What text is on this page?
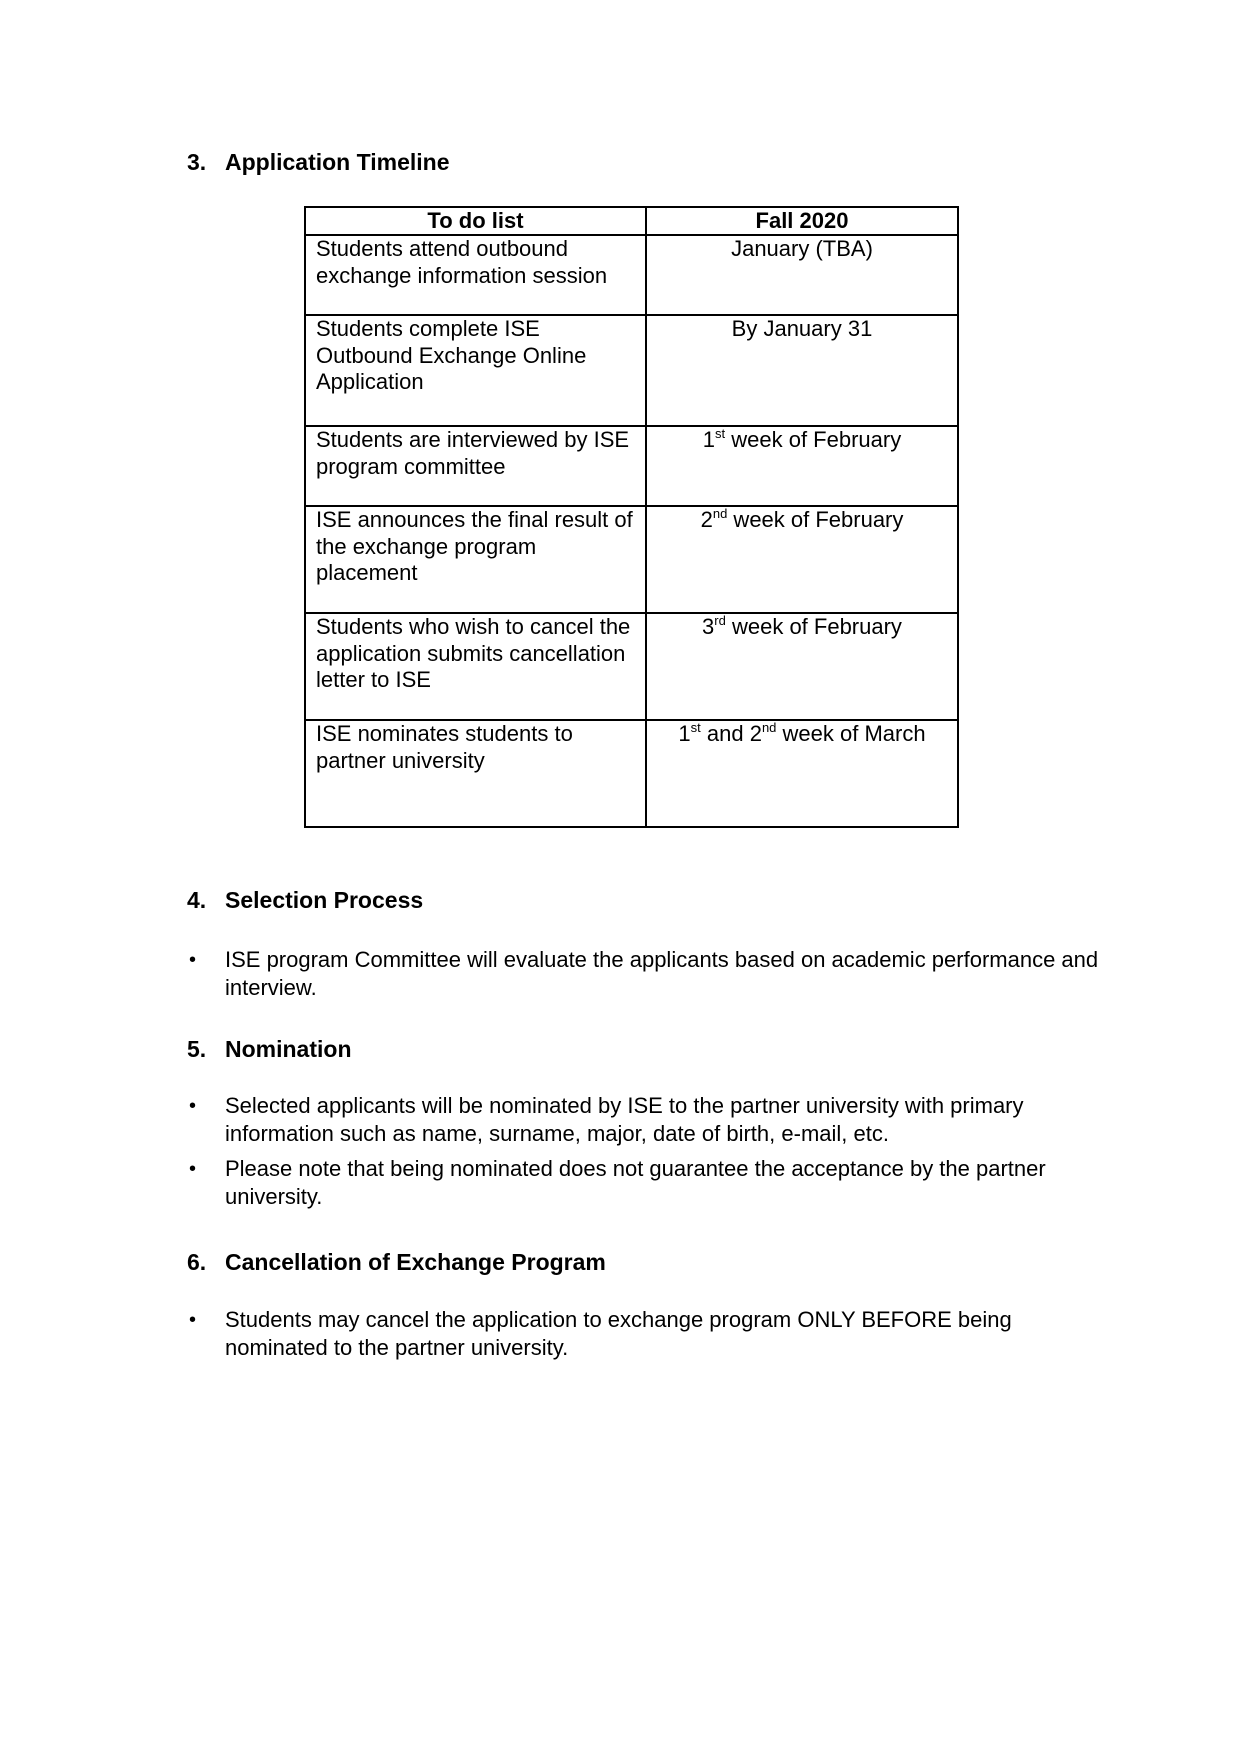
3. Application Timeline
To do list	Fall 2020
Students attend outbound exchange information session	January (TBA)
Students complete ISE Outbound Exchange Online Application	By January 31
Students are interviewed by ISE program committee	1st week of February
ISE announces the final result of the exchange program placement	2nd week of February
Students who wish to cancel the application submits cancellation letter to ISE	3rd week of February
ISE nominates students to partner university	1st and 2nd week of March
4. Selection Process
• ISE program Committee will evaluate the applicants based on academic performance and interview.
5. Nomination
• Selected applicants will be nominated by ISE to the partner university with primary information such as name, surname, major, date of birth, e-mail, etc.
• Please note that being nominated does not guarantee the acceptance by the partner university.
6. Cancellation of Exchange Program
• Students may cancel the application to exchange program ONLY BEFORE being nominated to the partner university.
